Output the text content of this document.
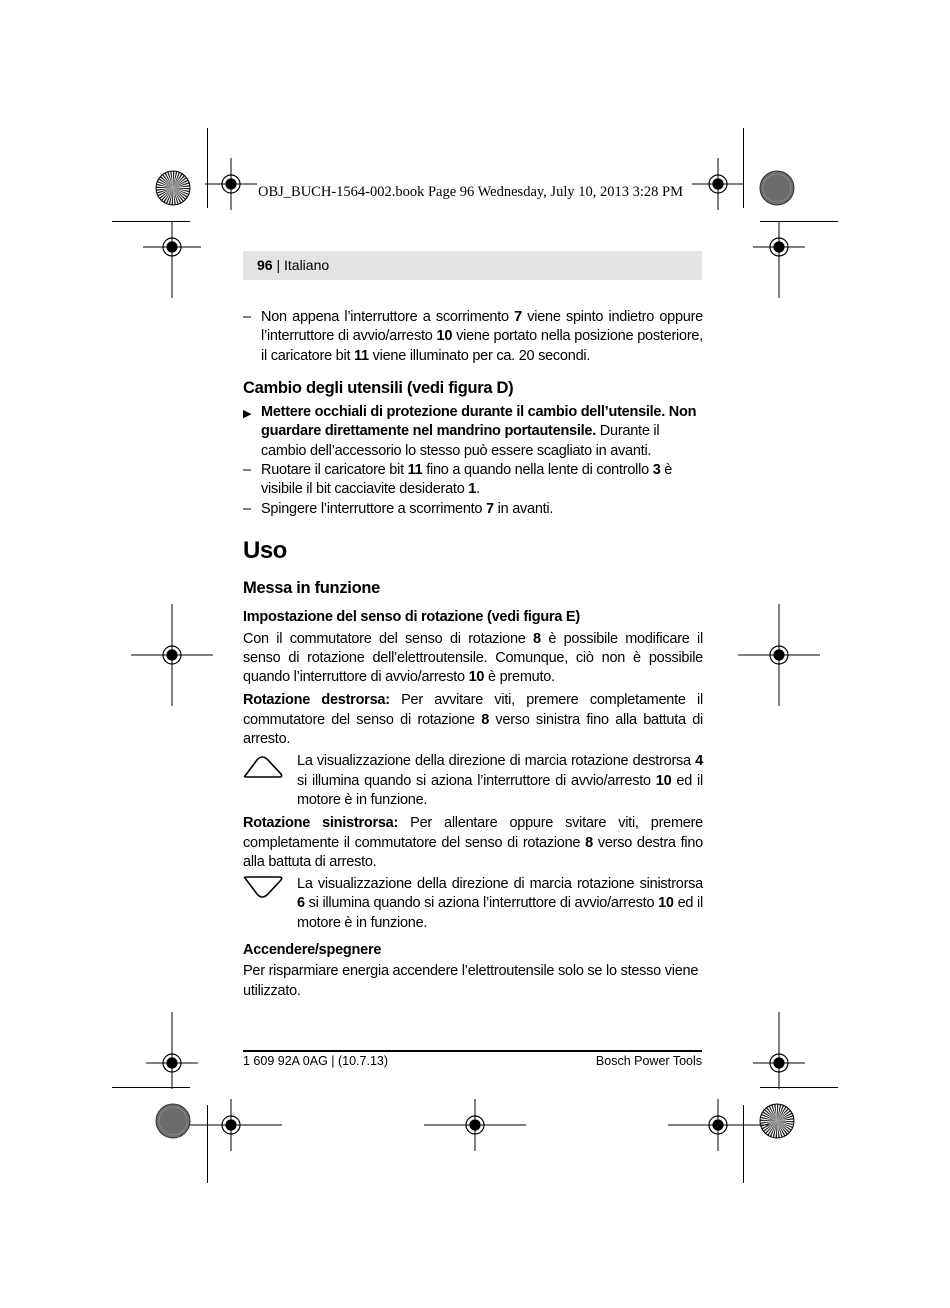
OBJ_BUCH-1564-002.book Page 96 Wednesday, July 10, 2013 3:28 PM
96 | Italiano

– Non appena l’interruttore a scorrimento 7 viene spinto indietro oppure l’interruttore di avvio/arresto 10 viene portato nella posizione posteriore, il caricatore bit 11 viene illuminato per ca. 20 secondi.

Cambio degli utensili (vedi figura D)

▶ Mettere occhiali di protezione durante il cambio dell’utensile. Non guardare direttamente nel mandrino portautensile. Durante il cambio dell’accessorio lo stesso può essere scagliato in avanti.

– Ruotare il caricatore bit 11 fino a quando nella lente di controllo 3 è visibile il bit cacciavite desiderato 1.

– Spingere l’interruttore a scorrimento 7 in avanti.

Uso
Messa in funzione
Impostazione del senso di rotazione (vedi figura E)

Con il commutatore del senso di rotazione 8 è possibile modificare il senso di rotazione dell’elettroutensile. Comunque, ciò non è possibile quando l’interruttore di avvio/arresto 10 è premuto.

Rotazione destrorsa: Per avvitare viti, premere completamente il commutatore del senso di rotazione 8 verso sinistra fino alla battuta di arresto.

La visualizzazione della direzione di marcia rotazione destrorsa 4 si illumina quando si aziona l’interruttore di avvio/arresto 10 ed il motore è in funzione.

Rotazione sinistrorsa: Per allentare oppure svitare viti, premere completamente il commutatore del senso di rotazione 8 verso destra fino alla battuta di arresto.

La visualizzazione della direzione di marcia rotazione sinistrorsa 6 si illumina quando si aziona l’interruttore di avvio/arresto 10 ed il motore è in funzione.
Accendere/spegnere

Per risparmiare energia accendere l’elettroutensile solo se lo stesso viene utilizzato.

1 609 92A 0AG | (10.7.13)	Bosch Power Tools
